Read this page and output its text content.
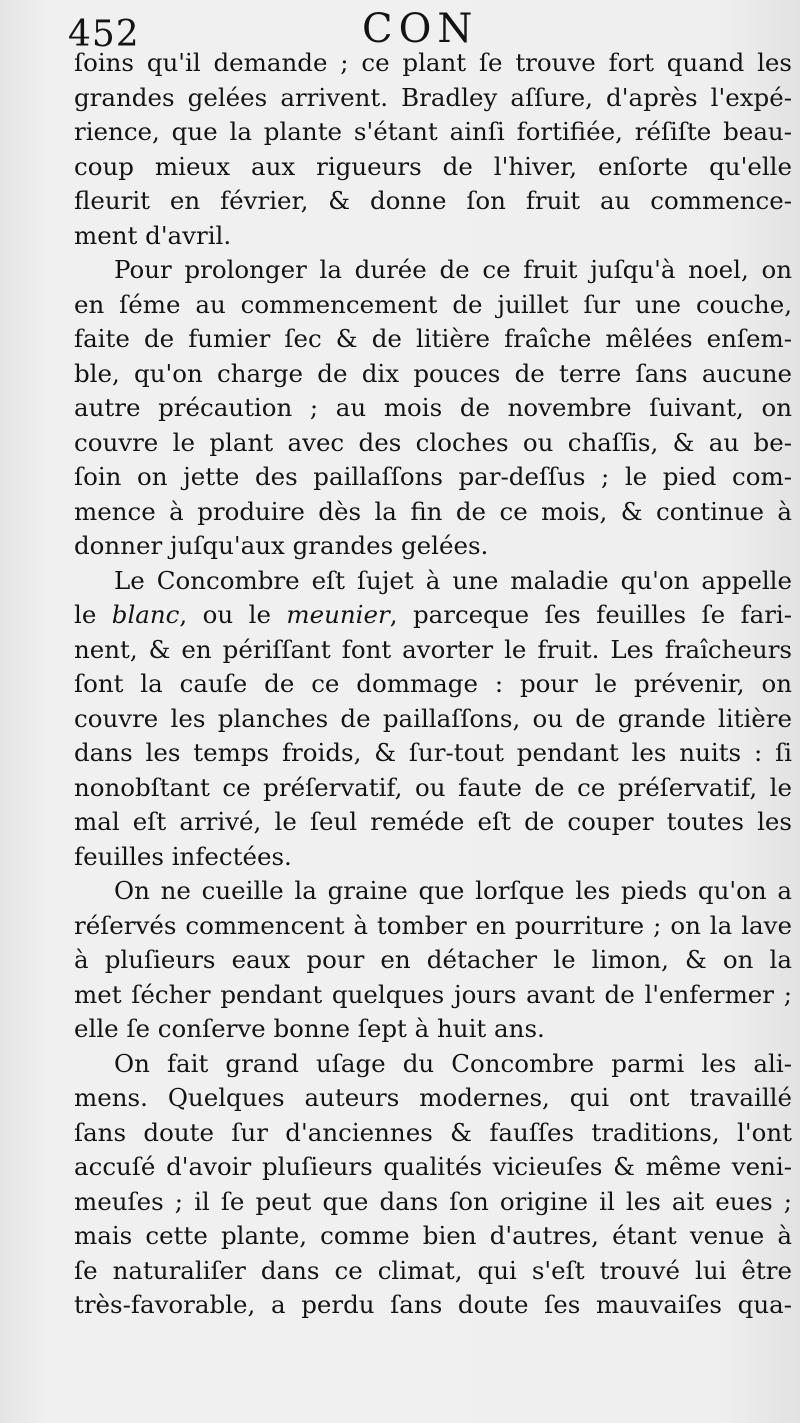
452	CON
ſoins qu'il demande ; ce plant ſe trouve fort quand les
grandes gelées arrivent. Bradley aſſure, d'après l'expé-
rience, que la plante s'étant ainſi fortifiée, réſiſte beau-
coup mieux aux rigueurs de l'hiver, enſorte qu'elle
fleurit en février, & donne ſon fruit au commence-
ment d'avril.
Pour prolonger la durée de ce fruit juſqu'à noel, on
en ſéme au commencement de juillet ſur une couche,
faite de fumier ſec & de litière fraîche mêlées enſem-
ble, qu'on charge de dix pouces de terre ſans aucune
autre précaution ; au mois de novembre ſuivant, on
couvre le plant avec des cloches ou chaſſis, & au be-
ſoin on jette des paillaſſons par-deſſus ; le pied com-
mence à produire dès la fin de ce mois, & continue à
donner juſqu'aux grandes gelées.
Le Concombre eſt ſujet à une maladie qu'on appelle
le blanc, ou le meunier, parceque ſes feuilles ſe fari-
nent, & en périſſant font avorter le fruit. Les fraîcheurs
ſont la cauſe de ce dommage : pour le prévenir, on
couvre les planches de paillaſſons, ou de grande litière
dans les temps froids, & ſur-tout pendant les nuits : ſi
nonobſtant ce préſervatif, ou faute de ce préſervatif, le
mal eſt arrivé, le ſeul reméde eſt de couper toutes les
feuilles infectées.
On ne cueille la graine que lorſque les pieds qu'on a
réſervés commencent à tomber en pourriture ; on la lave
à pluſieurs eaux pour en détacher le limon, & on la
met ſécher pendant quelques jours avant de l'enfermer ;
elle ſe conſerve bonne ſept à huit ans.
On fait grand uſage du Concombre parmi les ali-
mens. Quelques auteurs modernes, qui ont travaillé
ſans doute ſur d'anciennes & fauſſes traditions, l'ont
accuſé d'avoir pluſieurs qualités vicieuſes & même veni-
meuſes ; il ſe peut que dans ſon origine il les ait eues ;
mais cette plante, comme bien d'autres, étant venue à
ſe naturaliſer dans ce climat, qui s'eſt trouvé lui être
très-favorable, a perdu ſans doute ſes mauvaiſes qua-
